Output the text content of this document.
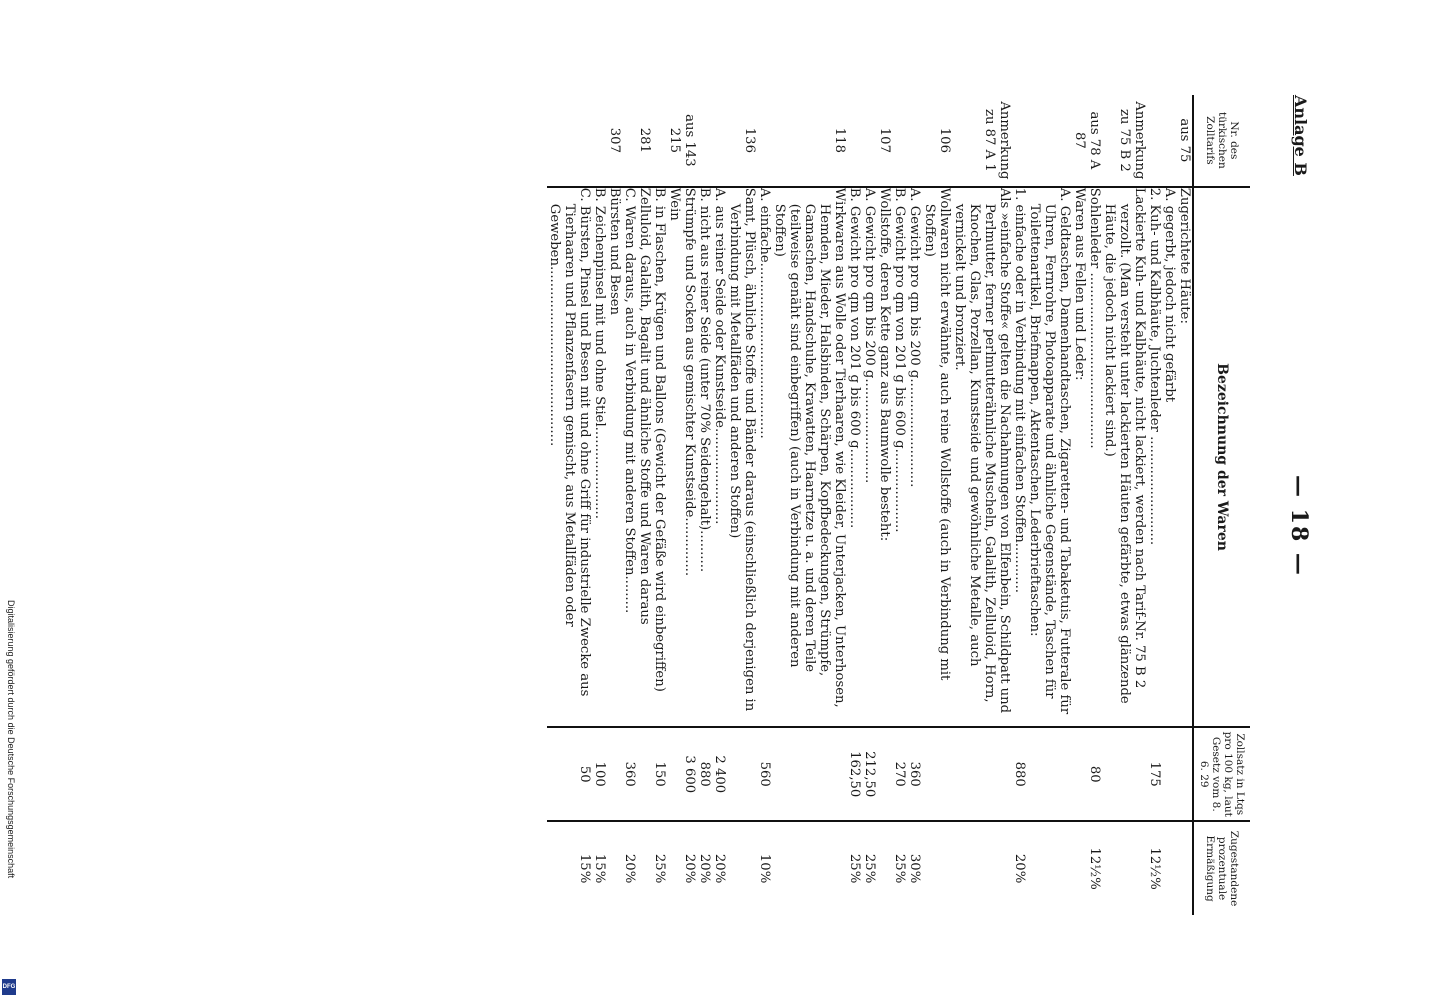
Digitalisierung gefördert durch die Deutsche Forschungsgemeinschaft
DFG
Anlage B
— 18 —
Nr. des türkischen Zolltarifs	Bezeichnung der Waren	Zollsatz in Ltqs pro 100 kg, laut Gesetz vom 8. 6. 29	Zugestandene prozentuale Ermäßigung
aus 75	Zugerichtete Häute:		
	A. gegerbt, jedoch nicht gefärbt		
	2. Kuh- und Kalbhäute, Juchtenleder ..........................	175	12½%
Anmerkung zu 75 B 2	Lackierte Kuh- und Kalbhäute, nicht lackiert, werden nach Tarif-Nr. 75 B 2 verzollt. (Man versteht unter lackierten Häuten gefärbte, etwas glänzende Häute, die jedoch nicht lackiert sind.)		
aus 78 A	Sohlenleder ..........................................	80	12½%
87	Waren aus Fellen und Leder:		
	A. Geldtaschen, Damenhandtaschen, Zigaretten- und Tabaketuis, Futterale für Uhren, Fernrohre, Photoapparate und ähnliche Gegenstände, Taschen für Toilettenartikel, Briefmappen, Aktentaschen, Lederbrieftaschen:		
	1. einfache oder in Verbindung mit einfachen Stoffen............	880	20%
Anmerkung zu 87 A 1	Als »einfache Stoffe« gelten die Nachahmungen von Elfenbein, Schildpatt und Perlmutter, ferner perlmutterähnliche Muscheln, Galalith, Zelluloid, Horn, Knochen, Glas, Porzellan, Kunstseide und gewöhnliche Metalle, auch vernickelt und bronziert.		
106	Wollwaren nicht erwähnte, auch reine Wollstoffe (auch in Verbindung mit Stoffen)		
	A. Gewicht pro qm bis 200 g..........................	360	30%
	B. Gewicht pro qm von 201 g bis 600 g....................	270	25%
107	Wollstoffe, deren Kette ganz aus Baumwolle besteht:		
	A. Gewicht pro qm bis 200 g.........................	212,50	25%
	B. Gewicht pro qm von 201 g bis 600 g...................	162,50	25%
118	Wirkwaren aus Wolle oder Tierhaaren, wie Kleider, Unterjacken, Unterhosen, Hemden, Mieder, Halsbinden, Schärpen, Kopfbedeckungen, Strümpfe, Gamaschen, Handschuhe, Krawatten, Haarnetze u. a. und deren Teile (teilweise genäht sind einbegriffen) (auch in Verbindung mit anderen Stoffen)		
	A. einfache..........................................	560	10%
136	Samt, Plüsch, ähnliche Stoffe und Bänder daraus (einschließlich derjenigen in Verbindung mit Metallfäden und anderen Stoffen)		
	A. aus reiner Seide oder Kunstseide.......................	2 400	20%
	B. nicht aus reiner Seide (unter 70% Seidengehalt)..........	880	20%
aus 143	Strümpfe und Socken aus gemischter Kunstseide..............	3 600	20%
215	Wein		
	B. in Flaschen, Krügen und Ballons (Gewicht der Gefäße wird einbegriffen)	150	25%
281	Zelluloid, Galalith, Bagalit und ähnliche Stoffe und Waren daraus		
	C. Waren daraus, auch in Verbindung mit anderen Stoffen.........	360	20%
307	Bürsten und Besen		
	B. Zeichenpinsel mit und ohne Stiel......................	100	15%
	C. Bürsten, Pinsel und Besen mit und ohne Griff für industrielle Zwecke aus Tierhaaren und Pflanzenfasern gemischt, aus Metallfäden oder Geweben...........................................	50	15%
